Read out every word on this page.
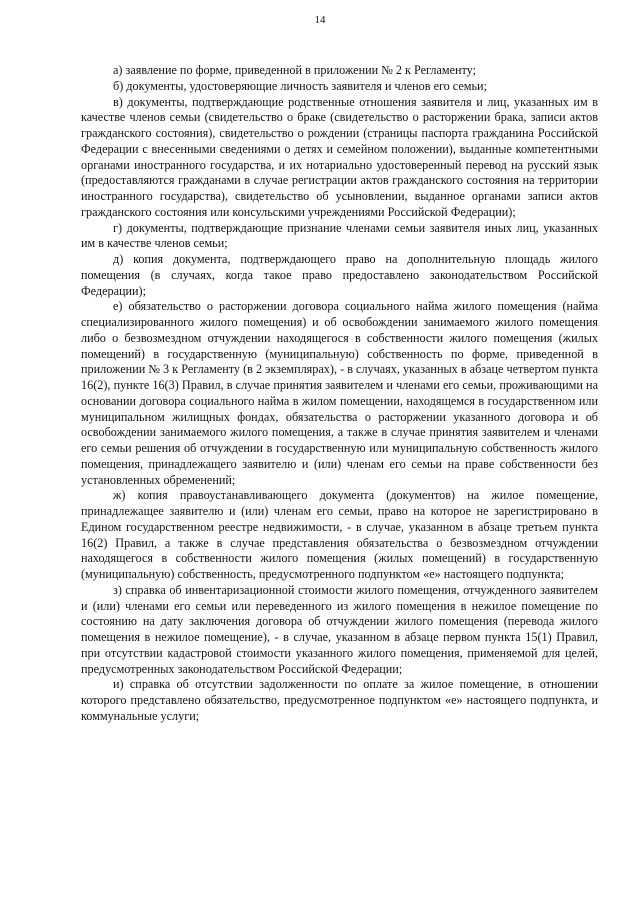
14

а) заявление по форме, приведенной в приложении № 2 к Регламенту;

б) документы, удостоверяющие личность заявителя и членов его семьи;

в) документы, подтверждающие родственные отношения заявителя и лиц, указанных им в качестве членов семьи (свидетельство о браке (свидетельство о расторжении брака, записи актов гражданского состояния), свидетельство о рождении (страницы паспорта гражданина Российской Федерации с внесенными сведениями о детях и семейном положении), выданные компетентными органами иностранного государства, и их нотариально удостоверенный перевод на русский язык (предоставляются гражданами в случае регистрации актов гражданского состояния на территории иностранного государства), свидетельство об усыновлении, выданное органами записи актов гражданского состояния или консульскими учреждениями Российской Федерации);

г) документы, подтверждающие признание членами семьи заявителя иных лиц, указанных им в качестве членов семьи;

д) копия документа, подтверждающего право на дополнительную площадь жилого помещения (в случаях, когда такое право предоставлено законодательством Российской Федерации);

е) обязательство о расторжении договора социального найма жилого помещения (найма специализированного жилого помещения) и об освобождении занимаемого жилого помещения либо о безвозмездном отчуждении находящегося в собственности жилого помещения (жилых помещений) в государственную (муниципальную) собственность по форме, приведенной в приложении № 3 к Регламенту (в 2 экземплярах), - в случаях, указанных в абзаце четвертом пункта 16(2), пункте 16(3) Правил, в случае принятия заявителем и членами его семьи, проживающими на основании договора социального найма в жилом помещении, находящемся в государственном или муниципальном жилищных фондах, обязательства о расторжении указанного договора и об освобождении занимаемого жилого помещения, а также в случае принятия заявителем и членами его семьи решения об отчуждении в государственную или муниципальную собственность жилого помещения, принадлежащего заявителю и (или) членам его семьи на праве собственности без установленных обременений;

ж) копия правоустанавливающего документа (документов) на жилое помещение, принадлежащее заявителю и (или) членам его семьи, право на которое не зарегистрировано в Едином государственном реестре недвижимости, - в случае, указанном в абзаце третьем пункта 16(2) Правил, а также в случае представления обязательства о безвозмездном отчуждении находящегося в собственности жилого помещения (жилых помещений) в государственную (муниципальную) собственность, предусмотренного подпунктом «е» настоящего подпункта;

з) справка об инвентаризационной стоимости жилого помещения, отчужденного заявителем и (или) членами его семьи или переведенного из жилого помещения в нежилое помещение по состоянию на дату заключения договора об отчуждении жилого помещения (перевода жилого помещения в нежилое помещение), - в случае, указанном в абзаце первом пункта 15(1) Правил, при отсутствии кадастровой стоимости указанного жилого помещения, применяемой для целей, предусмотренных законодательством Российской Федерации;

и) справка об отсутствии задолженности по оплате за жилое помещение, в отношении которого представлено обязательство, предусмотренное подпунктом «е» настоящего подпункта, и коммунальные услуги;
